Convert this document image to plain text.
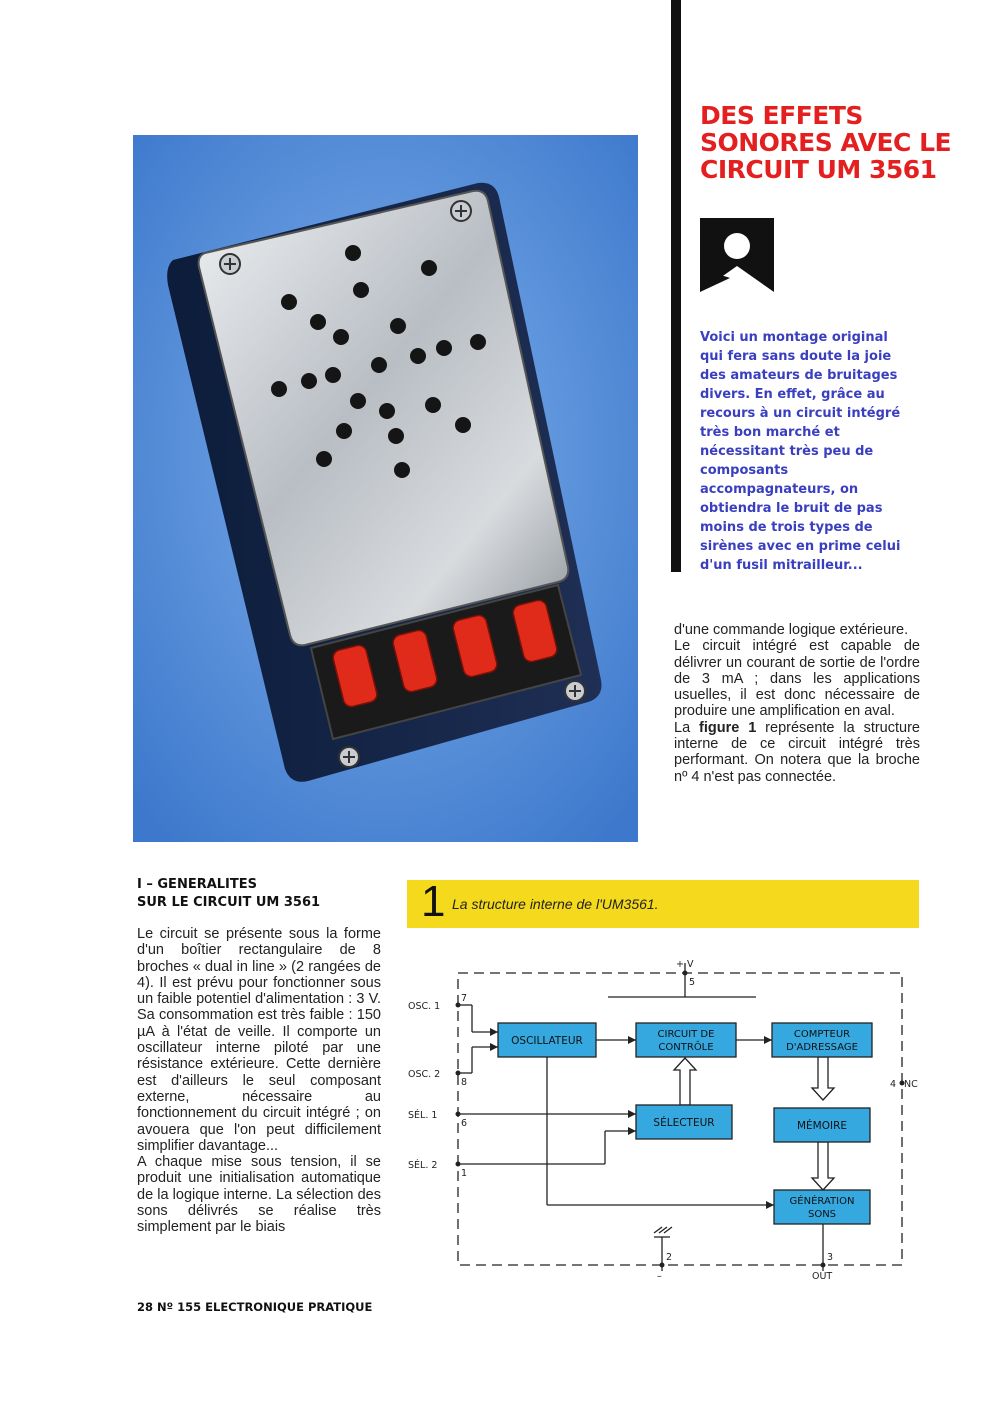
DES EFFETS
SONORES AVEC LE
CIRCUIT UM 3561
Voici un montage original qui fera sans doute la joie des amateurs de bruitages divers. En effet, grâce au recours à un circuit intégré très bon marché et nécessitant très peu de composants accompagnateurs, on obtiendra le bruit de pas moins de trois types de sirènes avec en prime celui d'un fusil mitrailleur...

d'une commande logique extérieure.

Le circuit intégré est capable de délivrer un courant de sortie de l'ordre de 3 mA ; dans les applications usuelles, il est donc nécessaire de produire une amplification en aval.

La figure 1 représente la structure interne de ce circuit intégré très performant. On notera que la broche nº 4 n'est pas connectée.

I – GENERALITES
SUR LE CIRCUIT UM 3561

Le circuit se présente sous la forme d'un boîtier rectangulaire de 8 broches « dual in line » (2 rangées de 4). Il est prévu pour fonctionner sous un faible potentiel d'alimentation : 3 V. Sa consommation est très faible : 150 µA à l'état de veille. Il comporte un oscillateur interne piloté par une résistance extérieure. Cette dernière est d'ailleurs le seul composant externe, nécessaire au fonctionnement du circuit intégré ; on avouera que l'on peut difficilement simplifier davantage...

A chaque mise sous tension, il se produit une initialisation automatique de la logique interne. La sélection des sons délivrés se réalise très simplement par le biais

1 La structure interne de l'UM3561.
OSCILLATEUR
CIRCUIT DE
CONTRÔLE
COMPTEUR
D'ADRESSAGE
SÉLECTEUR	MÉMOIRE
GÉNÉRATION
SONS
OSC. 1
OSC. 2
SÉL. 1
SÉL. 2
+ V
OUT
NC
–
7
8
6
1
5
2	3
4
28 Nº 155 ELECTRONIQUE PRATIQUE
